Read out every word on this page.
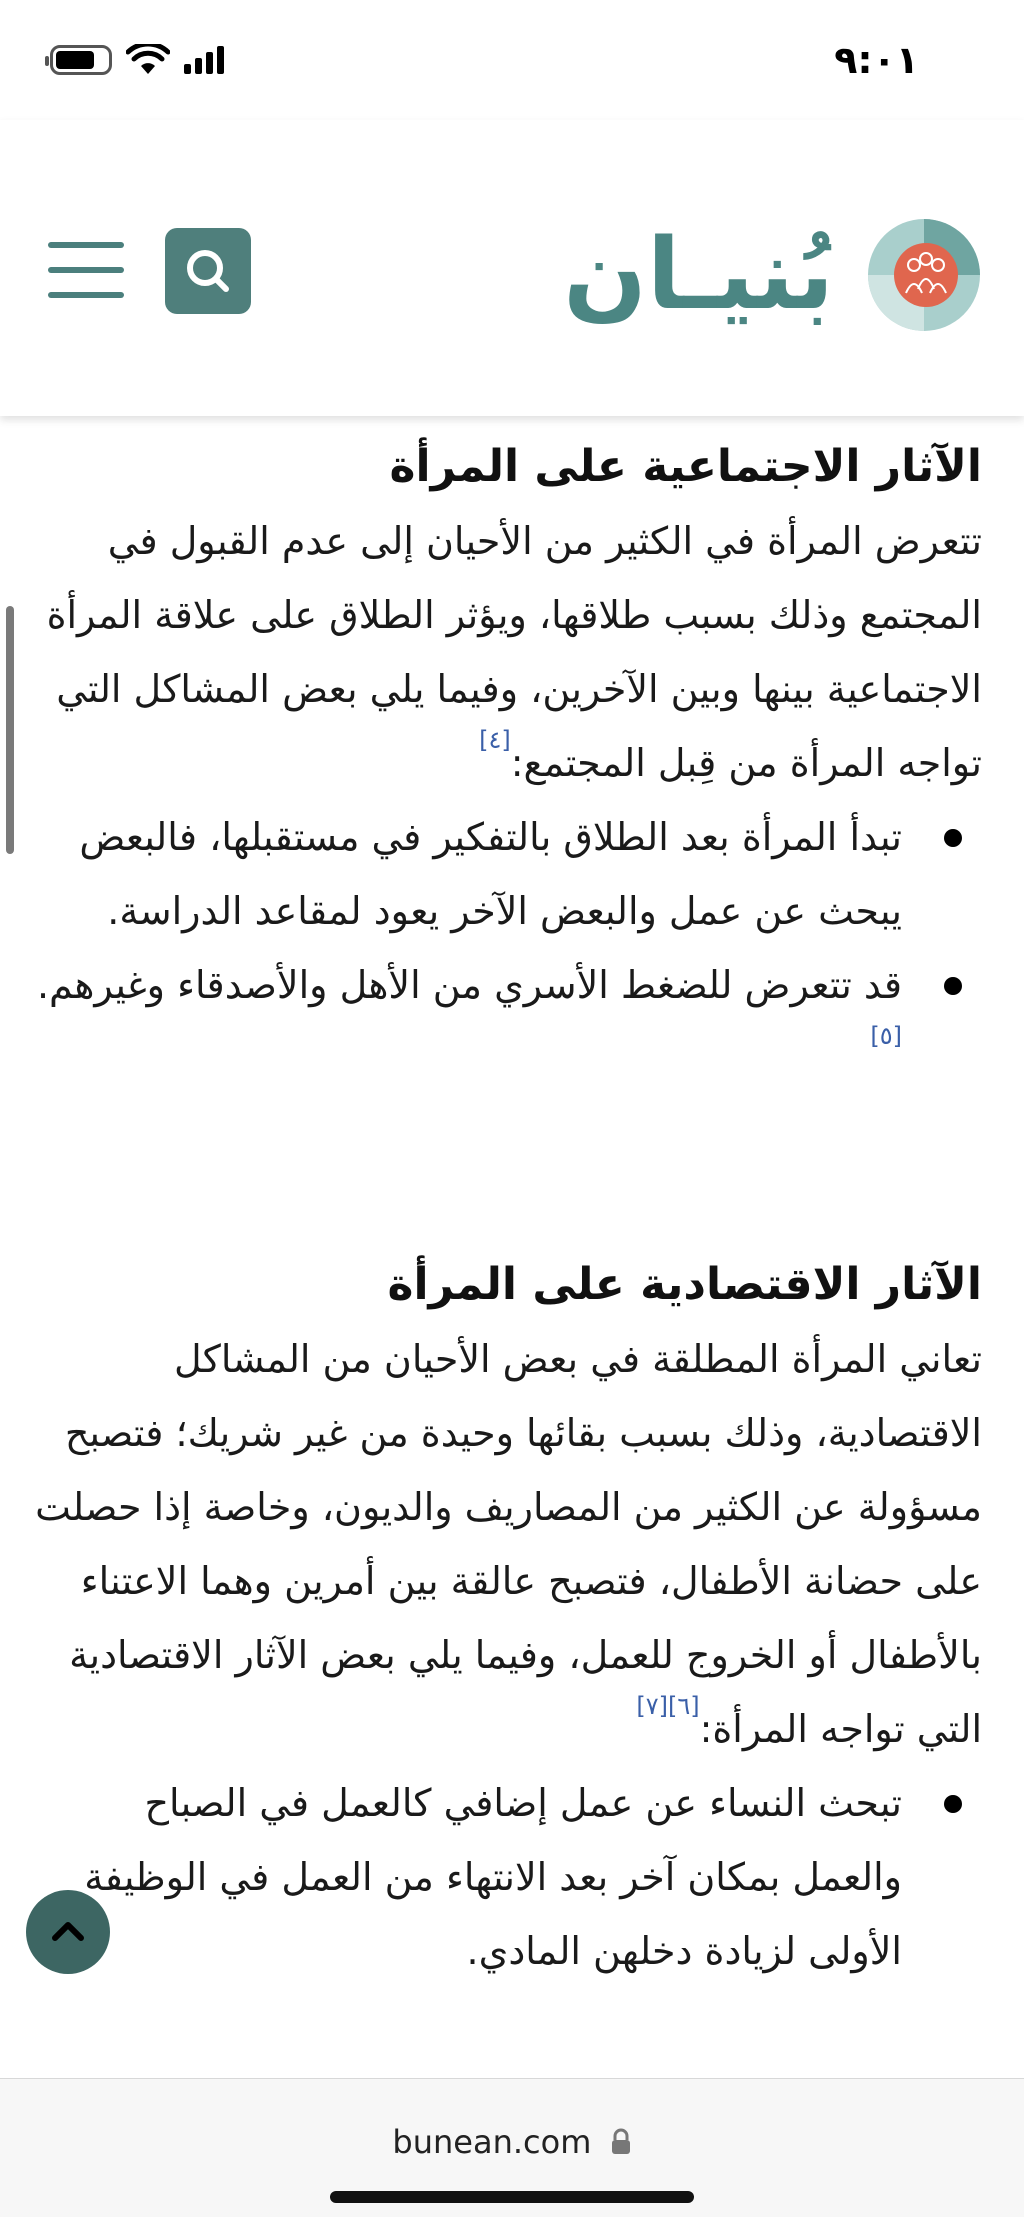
٩:٠١
بُنيـان
الآثار الاجتماعية على المرأة

تتعرض المرأة في الكثير من الأحيان إلى عدم القبول في المجتمع وذلك بسبب طلاقها، ويؤثر الطلاق على علاقة المرأة الاجتماعية بينها وبين الآخرين، وفيما يلي بعض المشاكل التي تواجه المرأة من قِبل المجتمع:[٤]

تبدأ المرأة بعد الطلاق بالتفكير في مستقبلها، فالبعض يبحث عن عمل والبعض الآخر يعود لمقاعد الدراسة.
قد تتعرض للضغط الأسري من الأهل والأصدقاء وغيرهم.[٥]
الآثار الاقتصادية على المرأة

تعاني المرأة المطلقة في بعض الأحيان من المشاكل الاقتصادية، وذلك بسبب بقائها وحيدة من غير شريك؛ فتصبح مسؤولة عن الكثير من المصاريف والديون، وخاصة إذا حصلت على حضانة الأطفال، فتصبح عالقة بين أمرين وهما الاعتناء بالأطفال أو الخروج للعمل، وفيما يلي بعض الآثار الاقتصادية التي تواجه المرأة:[٦][٧]

تبحث النساء عن عمل إضافي كالعمل في الصباح والعمل بمكان آخر بعد الانتهاء من العمل في الوظيفة الأولى لزيادة دخلهن المادي.
bunean.com
